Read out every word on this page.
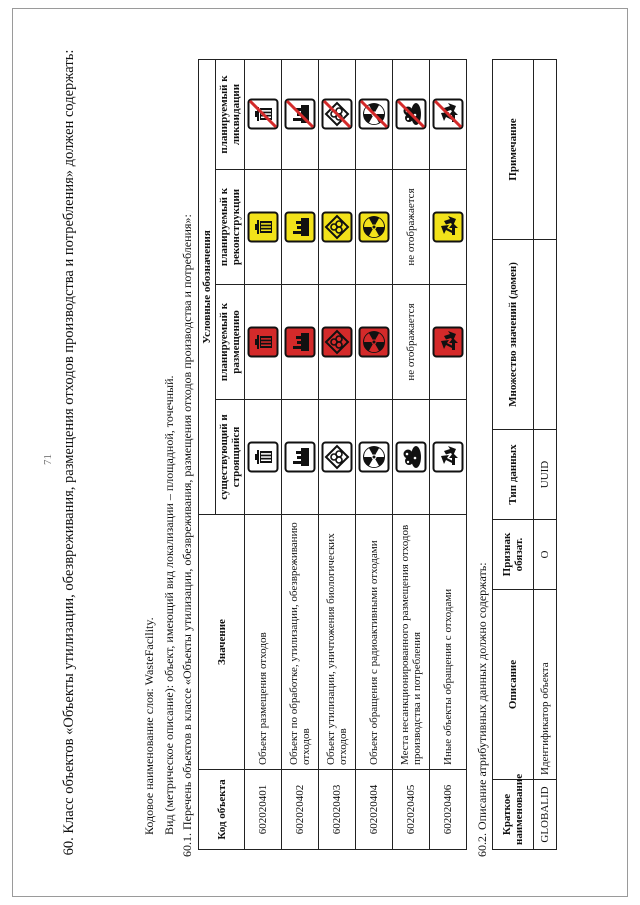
71 60. Класс объектов «Объекты утилизации, обезвреживания, размещения отходов производства и потребления» должен содержать:	Кодовое наименование слоя: WasteFacility. Вид (метрическое описание): объект, имеющий вид локализации – площадной, точечный. 60.1. Перечень объектов в классе «Объекты утилизации, обезвреживания, размещения отходов производства и потребления»: Код объекта	Значение	Условные обозначения			
		существующий и строящийся	планируемый к размещению	планируемый к реконструкции	планируемый к ликвидации
602020401	Объект размещения отходов	

602020402	Объект по обработке, утилизации, обезвреживанию отходов	

602020403	Объект утилизации, уничтожения биологических отходов	

602020404	Объект обращения с радиоактивными отходами	

602020405	Места несанкционированного размещения отходов производства и потребления		не отображается	не отображается	

602020406	Иные объекты обращения с отходами	

	60.2. Описание атрибутивных данных должно содержать: Краткое наименование	Описание	Признак обязат.	Тип данных	Множество значений (домен)	Примечание
GLOBALID	Идентификатор объекта	О	UUID		
